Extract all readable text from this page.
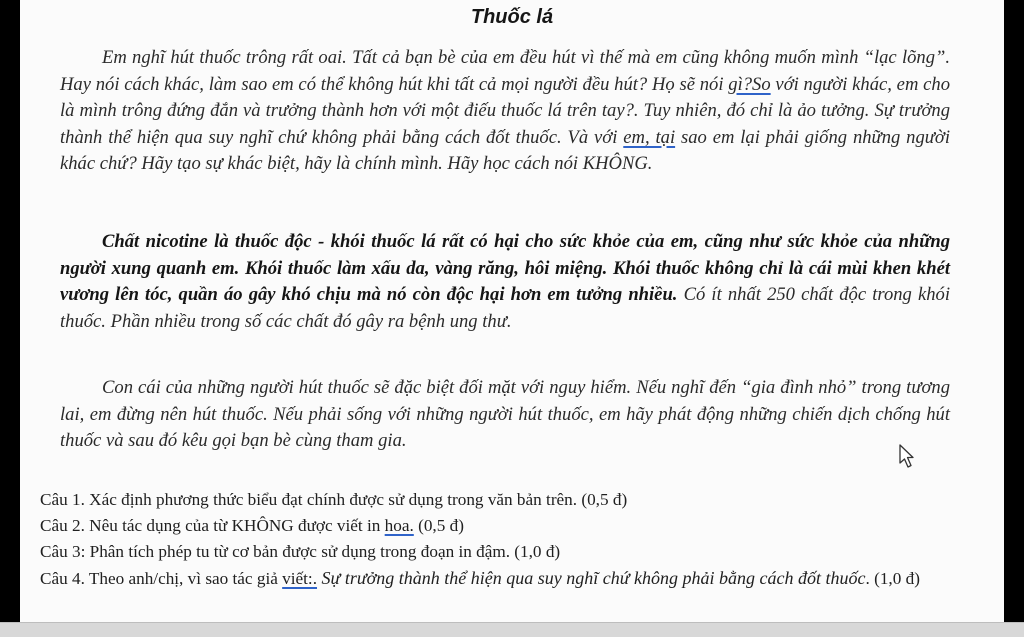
Thuốc lá

Em nghĩ hút thuốc trông rất oai. Tất cả bạn bè của em đều hút vì thế mà em cũng không muốn mình “lạc lõng”. Hay nói cách khác, làm sao em có thể không hút khi tất cả mọi người đều hút? Họ sẽ nói gì?So với người khác, em cho là mình trông đứng đắn và trưởng thành hơn với một điếu thuốc lá trên tay?. Tuy nhiên, đó chỉ là ảo tưởng. Sự trưởng thành thể hiện qua suy nghĩ chứ không phải bằng cách đốt thuốc. Và với em, tại sao em lại phải giống những người khác chứ? Hãy tạo sự khác biệt, hãy là chính mình. Hãy học cách nói KHÔNG.

Chất nicotine là thuốc độc - khói thuốc lá rất có hại cho sức khỏe của em, cũng như sức khỏe của những người xung quanh em. Khói thuốc làm xấu da, vàng răng, hôi miệng. Khói thuốc không chỉ là cái mùi khen khét vương lên tóc, quần áo gây khó chịu mà nó còn độc hại hơn em tưởng nhiều. Có ít nhất 250 chất độc trong khói thuốc. Phần nhiều trong số các chất đó gây ra bệnh ung thư.

Con cái của những người hút thuốc sẽ đặc biệt đối mặt với nguy hiểm. Nếu nghĩ đến “gia đình nhỏ” trong tương lai, em đừng nên hút thuốc. Nếu phải sống với những người hút thuốc, em hãy phát động những chiến dịch chống hút thuốc và sau đó kêu gọi bạn bè cùng tham gia.

Câu 1. Xác định phương thức biểu đạt chính được sử dụng trong văn bản trên. (0,5 đ)

Câu 2. Nêu tác dụng của từ KHÔNG được viết in hoa. (0,5 đ)

Câu 3: Phân tích phép tu từ cơ bản được sử dụng trong đoạn in đậm. (1,0 đ)

Câu 4. Theo anh/chị, vì sao tác giả viết:. Sự trưởng thành thể hiện qua suy nghĩ chứ không phải bằng cách đốt thuốc. (1,0 đ)
